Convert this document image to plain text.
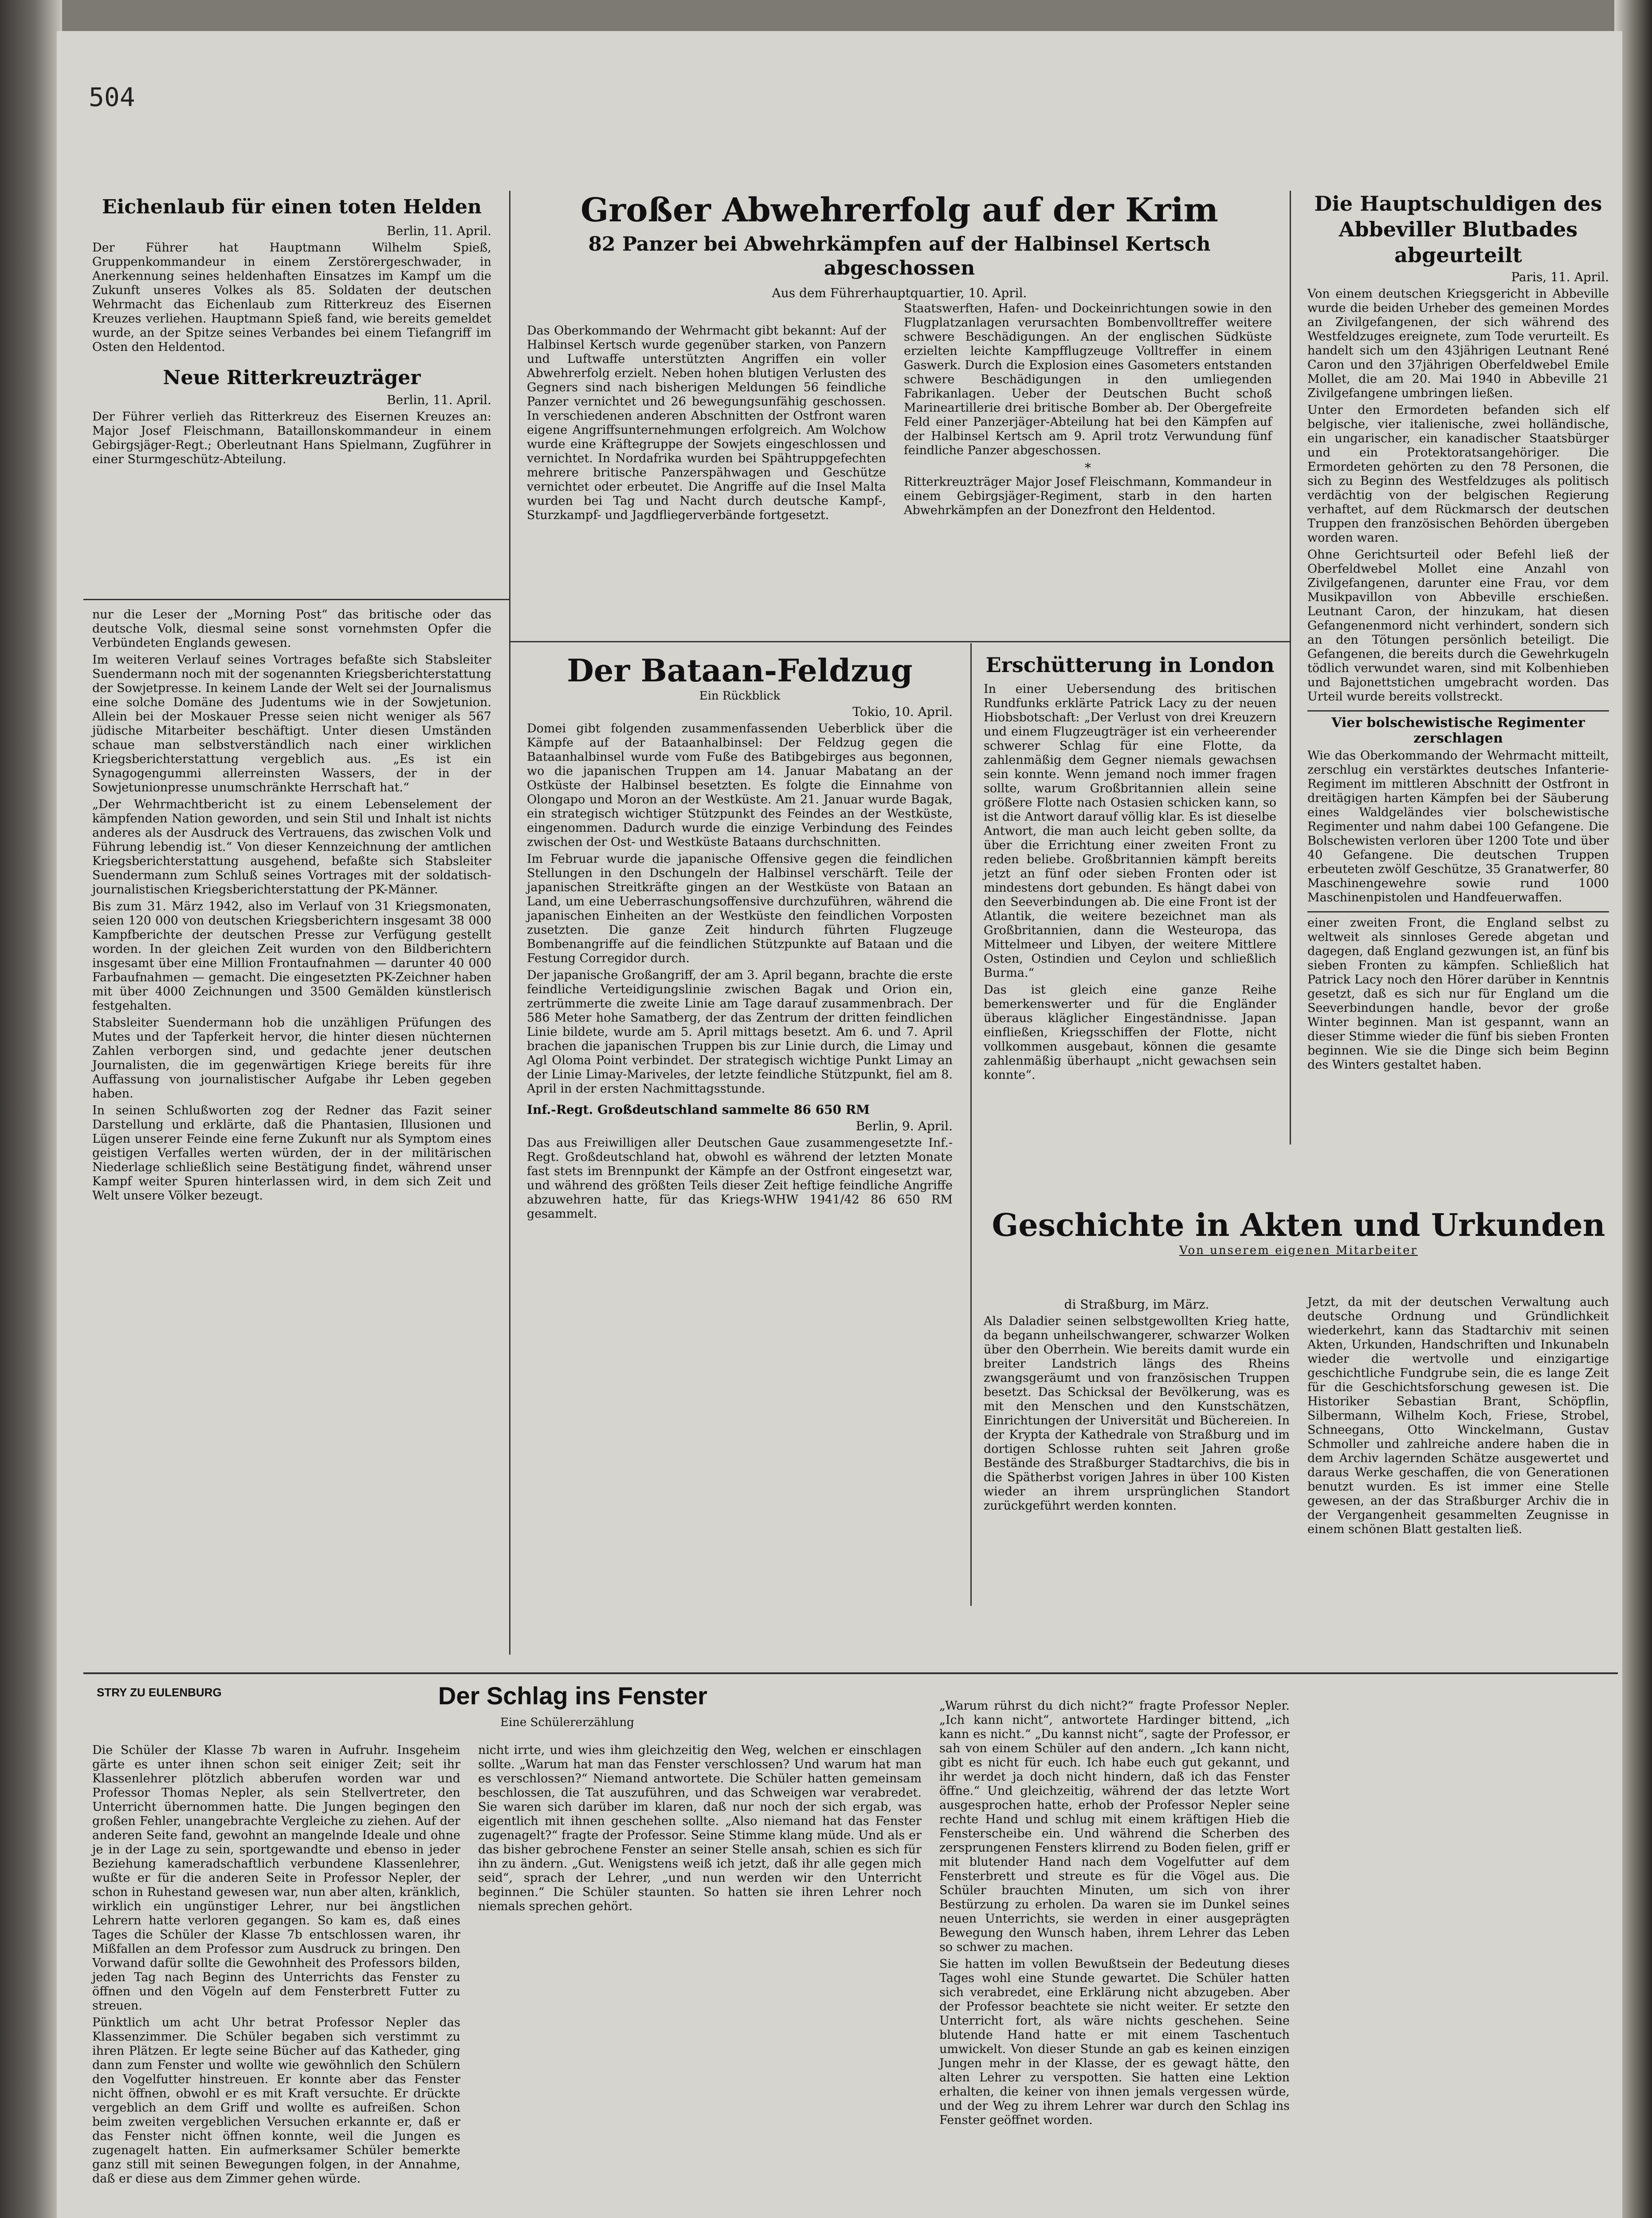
504
Eichenlaub für einen toten Helden
Berlin, 11. April.

Der Führer hat Hauptmann Wilhelm Spieß, Gruppenkommandeur in einem Zerstörergeschwader, in Anerkennung seines heldenhaften Einsatzes im Kampf um die Zukunft unseres Volkes als 85. Soldaten der deutschen Wehrmacht das Eichenlaub zum Ritterkreuz des Eisernen Kreuzes verliehen. Hauptmann Spieß fand, wie bereits gemeldet wurde, an der Spitze seines Verbandes bei einem Tiefangriff im Osten den Heldentod.

Neue Ritterkreuzträger
Berlin, 11. April.

Der Führer verlieh das Ritterkreuz des Eisernen Kreuzes an: Major Josef Fleischmann, Bataillonskommandeur in einem Gebirgsjäger-Regt.; Oberleutnant Hans Spielmann, Zugführer in einer Sturmgeschütz-Abteilung.

nur die Leser der „Morning Post“ das britische oder das deutsche Volk, diesmal seine sonst vornehmsten Opfer die Verbündeten Englands gewesen.

Im weiteren Verlauf seines Vortrages befaßte sich Stabsleiter Suendermann noch mit der sogenannten Kriegsberichterstattung der Sowjetpresse. In keinem Lande der Welt sei der Journalismus eine solche Domäne des Judentums wie in der Sowjetunion. Allein bei der Moskauer Presse seien nicht weniger als 567 jüdische Mitarbeiter beschäftigt. Unter diesen Umständen schaue man selbstverständlich nach einer wirklichen Kriegsberichterstattung vergeblich aus. „Es ist ein Synagogengummi allerreinsten Wassers, der in der Sowjetunionpresse unumschränkte Herrschaft hat.“

„Der Wehrmachtbericht ist zu einem Lebenselement der kämpfenden Nation geworden, und sein Stil und Inhalt ist nichts anderes als der Ausdruck des Vertrauens, das zwischen Volk und Führung lebendig ist.“ Von dieser Kennzeichnung der amtlichen Kriegsberichterstattung ausgehend, befaßte sich Stabsleiter Suendermann zum Schluß seines Vortrages mit der soldatisch-journalistischen Kriegsberichterstattung der PK-Männer.

Bis zum 31. März 1942, also im Verlauf von 31 Kriegsmonaten, seien 120 000 von deutschen Kriegsberichtern insgesamt 38 000 Kampfberichte der deutschen Presse zur Verfügung gestellt worden. In der gleichen Zeit wurden von den Bildberichtern insgesamt über eine Million Frontaufnahmen — darunter 40 000 Farbaufnahmen — gemacht. Die eingesetzten PK-Zeichner haben mit über 4000 Zeichnungen und 3500 Gemälden künstlerisch festgehalten.

Stabsleiter Suendermann hob die unzähligen Prüfungen des Mutes und der Tapferkeit hervor, die hinter diesen nüchternen Zahlen verborgen sind, und gedachte jener deutschen Journalisten, die im gegenwärtigen Kriege bereits für ihre Auffassung von journalistischer Aufgabe ihr Leben gegeben haben.

In seinen Schlußworten zog der Redner das Fazit seiner Darstellung und erklärte, daß die Phantasien, Illusionen und Lügen unserer Feinde eine ferne Zukunft nur als Symptom eines geistigen Verfalles werten würden, der in der militärischen Niederlage schließlich seine Bestätigung findet, während unser Kampf weiter Spuren hinterlassen wird, in dem sich Zeit und Welt unsere Völker bezeugt.

Großer Abwehrerfolg auf der Krim
82 Panzer bei Abwehrkämpfen auf der Halbinsel Kertsch abgeschossen
Aus dem Führerhauptquartier, 10. April.

Das Oberkommando der Wehrmacht gibt bekannt: Auf der Halbinsel Kertsch wurde gegenüber starken, von Panzern und Luftwaffe unterstützten Angriffen ein voller Abwehrerfolg erzielt. Neben hohen blutigen Verlusten des Gegners sind nach bisherigen Meldungen 56 feindliche Panzer vernichtet und 26 bewegungsunfähig geschossen. In verschiedenen anderen Abschnitten der Ostfront waren eigene Angriffsunternehmungen erfolgreich. Am Wolchow wurde eine Kräftegruppe der Sowjets eingeschlossen und vernichtet. In Nordafrika wurden bei Spähtruppgefechten mehrere britische Panzerspähwagen und Geschütze vernichtet oder erbeutet. Die Angriffe auf die Insel Malta wurden bei Tag und Nacht durch deutsche Kampf-, Sturzkampf- und Jagdfliegerverbände fortgesetzt.

Staatswerften, Hafen- und Dockeinrichtungen sowie in den Flugplatzanlagen verursachten Bombenvolltreffer weitere schwere Beschädigungen. An der englischen Südküste erzielten leichte Kampfflugzeuge Volltreffer in einem Gaswerk. Durch die Explosion eines Gasometers entstanden schwere Beschädigungen in den umliegenden Fabrikanlagen. Ueber der Deutschen Bucht schoß Marineartillerie drei britische Bomber ab. Der Obergefreite Feld einer Panzerjäger-Abteilung hat bei den Kämpfen auf der Halbinsel Kertsch am 9. April trotz Verwundung fünf feindliche Panzer abgeschossen.

*

Ritterkreuzträger Major Josef Fleischmann, Kommandeur in einem Gebirgsjäger-Regiment, starb in den harten Abwehrkämpfen an der Donezfront den Heldentod.

Der Bataan-Feldzug
Ein Rückblick
Tokio, 10. April.

Domei gibt folgenden zusammenfassenden Ueberblick über die Kämpfe auf der Bataanhalbinsel: Der Feldzug gegen die Bataanhalbinsel wurde vom Fuße des Batibgebirges aus begonnen, wo die japanischen Truppen am 14. Januar Mabatang an der Ostküste der Halbinsel besetzten. Es folgte die Einnahme von Olongapo und Moron an der Westküste. Am 21. Januar wurde Bagak, ein strategisch wichtiger Stützpunkt des Feindes an der Westküste, eingenommen. Dadurch wurde die einzige Verbindung des Feindes zwischen der Ost- und Westküste Bataans durchschnitten.

Im Februar wurde die japanische Offensive gegen die feindlichen Stellungen in den Dschungeln der Halbinsel verschärft. Teile der japanischen Streitkräfte gingen an der Westküste von Bataan an Land, um eine Ueberraschungsoffensive durchzuführen, während die japanischen Einheiten an der Westküste den feindlichen Vorposten zusetzten. Die ganze Zeit hindurch führten Flugzeuge Bombenangriffe auf die feindlichen Stützpunkte auf Bataan und die Festung Corregidor durch.

Der japanische Großangriff, der am 3. April begann, brachte die erste feindliche Verteidigungslinie zwischen Bagak und Orion ein, zertrümmerte die zweite Linie am Tage darauf zusammenbrach. Der 586 Meter hohe Samatberg, der das Zentrum der dritten feindlichen Linie bildete, wurde am 5. April mittags besetzt. Am 6. und 7. April brachen die japanischen Truppen bis zur Linie durch, die Limay und Agl Oloma Point verbindet. Der strategisch wichtige Punkt Limay an der Linie Limay-Mariveles, der letzte feindliche Stützpunkt, fiel am 8. April in der ersten Nachmittagsstunde.

Inf.-Regt. Großdeutschland sammelte 86 650 RM
Berlin, 9. April.

Das aus Freiwilligen aller Deutschen Gaue zusammengesetzte Inf.-Regt. Großdeutschland hat, obwohl es während der letzten Monate fast stets im Brennpunkt der Kämpfe an der Ostfront eingesetzt war, und während des größten Teils dieser Zeit heftige feindliche Angriffe abzuwehren hatte, für das Kriegs-WHW 1941/42 86 650 RM gesammelt.

Erschütterung in London

In einer Uebersendung des britischen Rundfunks erklärte Patrick Lacy zu der neuen Hiobsbotschaft: „Der Verlust von drei Kreuzern und einem Flugzeugträger ist ein verheerender schwerer Schlag für eine Flotte, da zahlenmäßig dem Gegner niemals gewachsen sein konnte. Wenn jemand noch immer fragen sollte, warum Großbritannien allein seine größere Flotte nach Ostasien schicken kann, so ist die Antwort darauf völlig klar. Es ist dieselbe Antwort, die man auch leicht geben sollte, da über die Errichtung einer zweiten Front zu reden beliebe. Großbritannien kämpft bereits jetzt an fünf oder sieben Fronten oder ist mindestens dort gebunden. Es hängt dabei von den Seeverbindungen ab. Die eine Front ist der Atlantik, die weitere bezeichnet man als Großbritannien, dann die Westeuropa, das Mittelmeer und Libyen, der weitere Mittlere Osten, Ostindien und Ceylon und schließlich Burma.“

Das ist gleich eine ganze Reihe bemerkenswerter und für die Engländer überaus kläglicher Eingeständnisse. Japan einfließen, Kriegsschiffen der Flotte, nicht vollkommen ausgebaut, können die gesamte zahlenmäßig überhaupt „nicht gewachsen sein konnte“.

Die Hauptschuldigen des Abbeviller Blutbades abgeurteilt
Paris, 11. April.

Von einem deutschen Kriegsgericht in Abbeville wurde die beiden Urheber des gemeinen Mordes an Zivilgefangenen, der sich während des Westfeldzuges ereignete, zum Tode verurteilt. Es handelt sich um den 43jährigen Leutnant René Caron und den 37jährigen Oberfeldwebel Emile Mollet, die am 20. Mai 1940 in Abbeville 21 Zivilgefangene umbringen ließen.

Unter den Ermordeten befanden sich elf belgische, vier italienische, zwei holländische, ein ungarischer, ein kanadischer Staatsbürger und ein Protektoratsangehöriger. Die Ermordeten gehörten zu den 78 Personen, die sich zu Beginn des Westfeldzuges als politisch verdächtig von der belgischen Regierung verhaftet, auf dem Rückmarsch der deutschen Truppen den französischen Behörden übergeben worden waren.

Ohne Gerichtsurteil oder Befehl ließ der Oberfeldwebel Mollet eine Anzahl von Zivilgefangenen, darunter eine Frau, vor dem Musikpavillon von Abbeville erschießen. Leutnant Caron, der hinzukam, hat diesen Gefangenenmord nicht verhindert, sondern sich an den Tötungen persönlich beteiligt. Die Gefangenen, die bereits durch die Gewehrkugeln tödlich verwundet waren, sind mit Kolbenhieben und Bajonettstichen umgebracht worden. Das Urteil wurde bereits vollstreckt.

Vier bolschewistische Regimenter zerschlagen

Wie das Oberkommando der Wehrmacht mitteilt, zerschlug ein verstärktes deutsches Infanterie-Regiment im mittleren Abschnitt der Ostfront in dreitägigen harten Kämpfen bei der Säuberung eines Waldgeländes vier bolschewistische Regimenter und nahm dabei 100 Gefangene. Die Bolschewisten verloren über 1200 Tote und über 40 Gefangene. Die deutschen Truppen erbeuteten zwölf Geschütze, 35 Granatwerfer, 80 Maschinengewehre sowie rund 1000 Maschinenpistolen und Handfeuerwaffen.

einer zweiten Front, die England selbst zu weltweit als sinnloses Gerede abgetan und dagegen, daß England gezwungen ist, an fünf bis sieben Fronten zu kämpfen. Schließlich hat Patrick Lacy noch den Hörer darüber in Kenntnis gesetzt, daß es sich nur für England um die Seeverbindungen handle, bevor der große Winter beginnen. Man ist gespannt, wann an dieser Stimme wieder die fünf bis sieben Fronten beginnen. Wie sie die Dinge sich beim Beginn des Winters gestaltet haben.

Geschichte in Akten und Urkunden
Von unserem eigenen Mitarbeiter
di Straßburg, im März.

Als Daladier seinen selbstgewollten Krieg hatte, da begann unheilschwangerer, schwarzer Wolken über den Oberrhein. Wie bereits damit wurde ein breiter Landstrich längs des Rheins zwangsgeräumt und von französischen Truppen besetzt. Das Schicksal der Bevölkerung, was es mit den Menschen und den Kunstschätzen, Einrichtungen der Universität und Büchereien. In der Krypta der Kathedrale von Straßburg und im dortigen Schlosse ruhten seit Jahren große Bestände des Straßburger Stadtarchivs, die bis in die Spätherbst vorigen Jahres in über 100 Kisten wieder an ihrem ursprünglichen Standort zurückgeführt werden konnten.

Jetzt, da mit der deutschen Verwaltung auch deutsche Ordnung und Gründlichkeit wiederkehrt, kann das Stadtarchiv mit seinen Akten, Urkunden, Handschriften und Inkunabeln wieder die wertvolle und einzigartige geschichtliche Fundgrube sein, die es lange Zeit für die Geschichtsforschung gewesen ist. Die Historiker Sebastian Brant, Schöpflin, Silbermann, Wilhelm Koch, Friese, Strobel, Schneegans, Otto Winckelmann, Gustav Schmoller und zahlreiche andere haben die in dem Archiv lagernden Schätze ausgewertet und daraus Werke geschaffen, die von Generationen benutzt wurden. Es ist immer eine Stelle gewesen, an der das Straßburger Archiv die in der Vergangenheit gesammelten Zeugnisse in einem schönen Blatt gestalten ließ.

STRY ZU EULENBURG	Der Schlag ins Fenster
Eine Schülererzählung

Die Schüler der Klasse 7b waren in Aufruhr. Insgeheim gärte es unter ihnen schon seit einiger Zeit; seit ihr Klassenlehrer plötzlich abberufen worden war und Professor Thomas Nepler, als sein Stellvertreter, den Unterricht übernommen hatte. Die Jungen begingen den großen Fehler, unangebrachte Vergleiche zu ziehen. Auf der anderen Seite fand, gewohnt an mangelnde Ideale und ohne je in der Lage zu sein, sportgewandte und ebenso in jeder Beziehung kameradschaftlich verbundene Klassenlehrer, wußte er für die anderen Seite in Professor Nepler, der schon in Ruhestand gewesen war, nun aber alten, kränklich, wirklich ein ungünstiger Lehrer, nur bei ängstlichen Lehrern hatte verloren gegangen. So kam es, daß eines Tages die Schüler der Klasse 7b entschlossen waren, ihr Mißfallen an dem Professor zum Ausdruck zu bringen. Den Vorwand dafür sollte die Gewohnheit des Professors bilden, jeden Tag nach Beginn des Unterrichts das Fenster zu öffnen und den Vögeln auf dem Fensterbrett Futter zu streuen.

Pünktlich um acht Uhr betrat Professor Nepler das Klassenzimmer. Die Schüler begaben sich verstimmt zu ihren Plätzen. Er legte seine Bücher auf das Katheder, ging dann zum Fenster und wollte wie gewöhnlich den Schülern den Vogelfutter hinstreuen. Er konnte aber das Fenster nicht öffnen, obwohl er es mit Kraft versuchte. Er drückte vergeblich an dem Griff und wollte es aufreißen. Schon beim zweiten vergeblichen Versuchen erkannte er, daß er das Fenster nicht öffnen konnte, weil die Jungen es zugenagelt hatten. Ein aufmerksamer Schüler bemerkte ganz still mit seinen Bewegungen folgen, in der Annahme, daß er diese aus dem Zimmer gehen würde.

nicht irrte, und wies ihm gleichzeitig den Weg, welchen er einschlagen sollte. „Warum hat man das Fenster verschlossen? Und warum hat man es verschlossen?“ Niemand antwortete. Die Schüler hatten gemeinsam beschlossen, die Tat auszuführen, und das Schweigen war verabredet. Sie waren sich darüber im klaren, daß nur noch der sich ergab, was eigentlich mit ihnen geschehen sollte. „Also niemand hat das Fenster zugenagelt?“ fragte der Professor. Seine Stimme klang müde. Und als er das bisher gebrochene Fenster an seiner Stelle ansah, schien es sich für ihn zu ändern. „Gut. Wenigstens weiß ich jetzt, daß ihr alle gegen mich seid“, sprach der Lehrer, „und nun werden wir den Unterricht beginnen.“ Die Schüler staunten. So hatten sie ihren Lehrer noch niemals sprechen gehört.

„Warum rührst du dich nicht?“ fragte Professor Nepler. „Ich kann nicht“, antwortete Hardinger bittend, „ich kann es nicht.“ „Du kannst nicht“, sagte der Professor, er sah von einem Schüler auf den andern. „Ich kann nicht, gibt es nicht für euch. Ich habe euch gut gekannt, und ihr werdet ja doch nicht hindern, daß ich das Fenster öffne.“ Und gleichzeitig, während der das letzte Wort ausgesprochen hatte, erhob der Professor Nepler seine rechte Hand und schlug mit einem kräftigen Hieb die Fensterscheibe ein. Und während die Scherben des zersprungenen Fensters klirrend zu Boden fielen, griff er mit blutender Hand nach dem Vogelfutter auf dem Fensterbrett und streute es für die Vögel aus. Die Schüler brauchten Minuten, um sich von ihrer Bestürzung zu erholen. Da waren sie im Dunkel seines neuen Unterrichts, sie werden in einer ausgeprägten Bewegung den Wunsch haben, ihrem Lehrer das Leben so schwer zu machen.

Sie hatten im vollen Bewußtsein der Bedeutung dieses Tages wohl eine Stunde gewartet. Die Schüler hatten sich verabredet, eine Erklärung nicht abzugeben. Aber der Professor beachtete sie nicht weiter. Er setzte den Unterricht fort, als wäre nichts geschehen. Seine blutende Hand hatte er mit einem Taschentuch umwickelt. Von dieser Stunde an gab es keinen einzigen Jungen mehr in der Klasse, der es gewagt hätte, den alten Lehrer zu verspotten. Sie hatten eine Lektion erhalten, die keiner von ihnen jemals vergessen würde, und der Weg zu ihrem Lehrer war durch den Schlag ins Fenster geöffnet worden.
